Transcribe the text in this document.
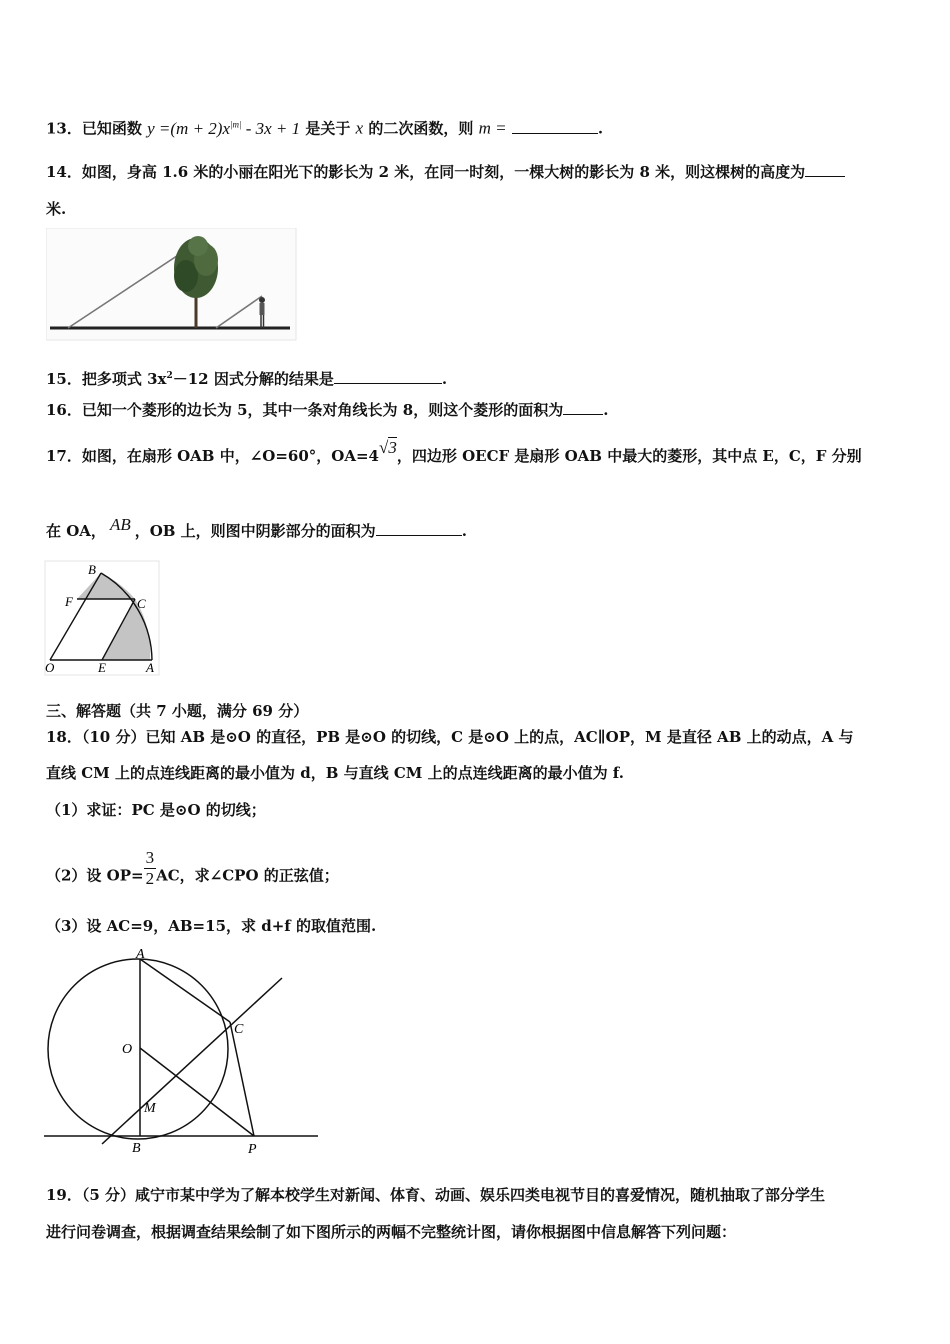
13．已知函数 $y =(m + 2)x^{|m|} - 3x + 1$ 是关于 x 的二次函数，则 m =	.
14．如图，身高 1.6 米的小丽在阳光下的影长为 2 米，在同一时刻，一棵大树的影长为 8 米，则这棵树的高度为
米.
15．把多项式 $3x^2-12$ 因式分解的结果是	.
16．已知一个菱形的边长为 5，其中一条对角线长为 8，则这个菱形的面积为	.
17．如图，在扇形 OAB 中，∠O=60°，OA=4√3，四边形 OECF 是扇形 OAB 中最大的菱形，其中点 E，C，F 分别
在 OA， AB ，OB 上，则图中阴影部分的面积为	.
B
F	C
O	E	A
三、解答题（共 7 小题，满分 69 分）
18．（10 分）已知 AB 是⊙O 的直径，PB 是⊙O 的切线，C 是⊙O 上的点，AC∥OP，M 是直径 AB 上的动点，A 与
直线 CM 上的点连线距离的最小值为 d，B 与直线 CM 上的点连线距离的最小值为 f.
（1）求证：PC 是⊙O 的切线；
（2）设 $OP= \frac{3}{2}$ AC，求∠CPO 的正弦值；
（3）设 AC=9，AB=15，求 d+f 的取值范围.
A
C
O
M
B	P
19．（5 分）咸宁市某中学为了解本校学生对新闻、体育、动画、娱乐四类电视节目的喜爱情况，随机抽取了部分学生
进行问卷调查，根据调查结果绘制了如下图所示的两幅不完整统计图，请你根据图中信息解答下列问题：
